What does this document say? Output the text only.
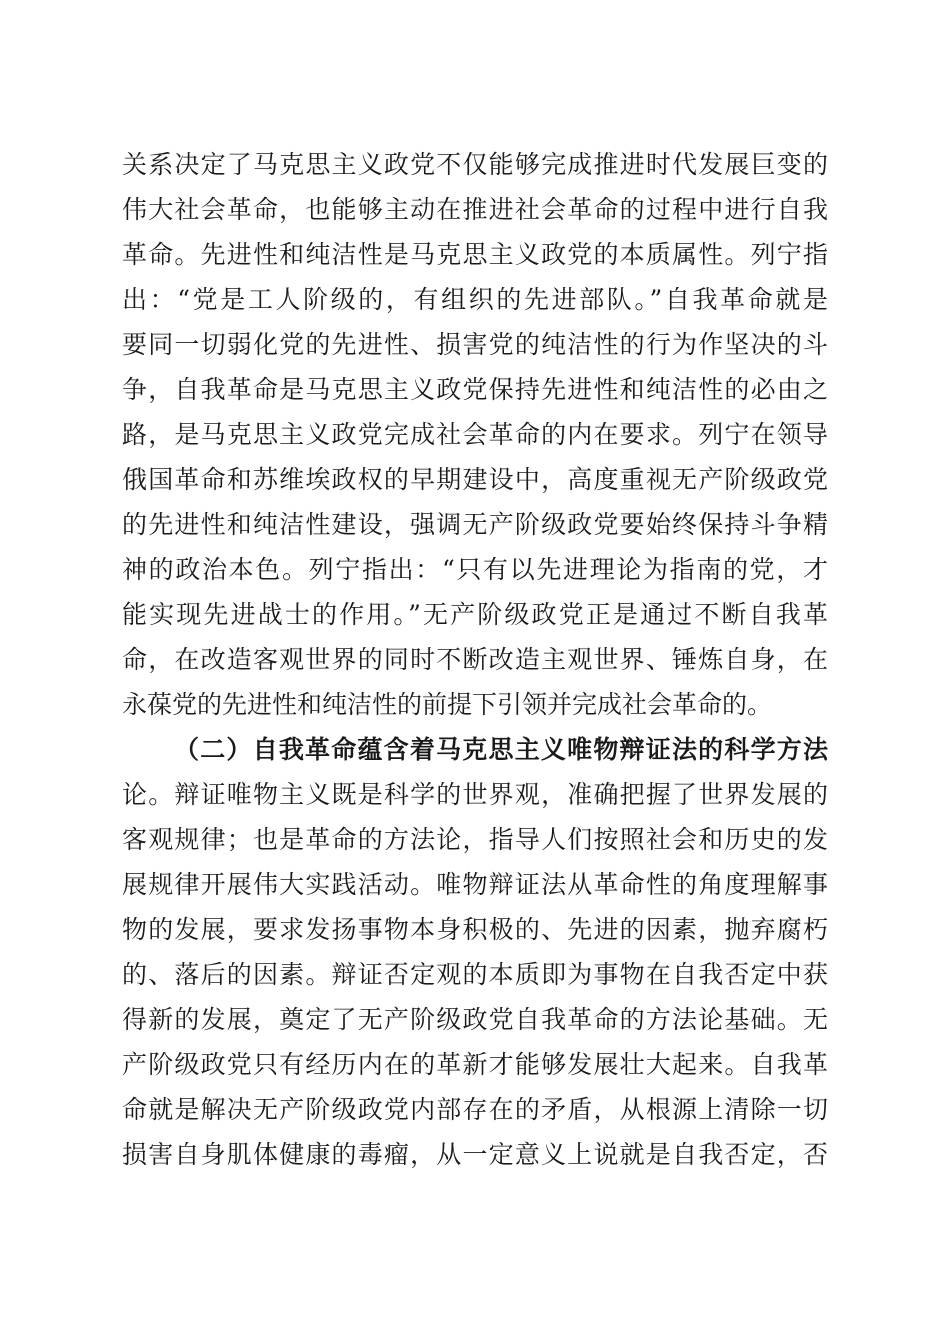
关系决定了马克思主义政党不仅能够完成推进时代发展巨变的
伟大社会革命，也能够主动在推进社会革命的过程中进行自我
革命。先进性和纯洁性是马克思主义政党的本质属性。列宁指
出：“党是工人阶级的，有组织的先进部队。”自我革命就是
要同一切弱化党的先进性、损害党的纯洁性的行为作坚决的斗
争，自我革命是马克思主义政党保持先进性和纯洁性的必由之
路，是马克思主义政党完成社会革命的内在要求。列宁在领导
俄国革命和苏维埃政权的早期建设中，高度重视无产阶级政党
的先进性和纯洁性建设，强调无产阶级政党要始终保持斗争精
神的政治本色。列宁指出：“只有以先进理论为指南的党，才
能实现先进战士的作用。”无产阶级政党正是通过不断自我革
命，在改造客观世界的同时不断改造主观世界、锤炼自身，在
永葆党的先进性和纯洁性的前提下引领并完成社会革命的。
（二）自我革命蕴含着马克思主义唯物辩证法的科学方法
论。辩证唯物主义既是科学的世界观，准确把握了世界发展的
客观规律；也是革命的方法论，指导人们按照社会和历史的发
展规律开展伟大实践活动。唯物辩证法从革命性的角度理解事
物的发展，要求发扬事物本身积极的、先进的因素，抛弃腐朽
的、落后的因素。辩证否定观的本质即为事物在自我否定中获
得新的发展，奠定了无产阶级政党自我革命的方法论基础。无
产阶级政党只有经历内在的革新才能够发展壮大起来。自我革
命就是解决无产阶级政党内部存在的矛盾，从根源上清除一切
损害自身肌体健康的毒瘤，从一定意义上说就是自我否定，否
